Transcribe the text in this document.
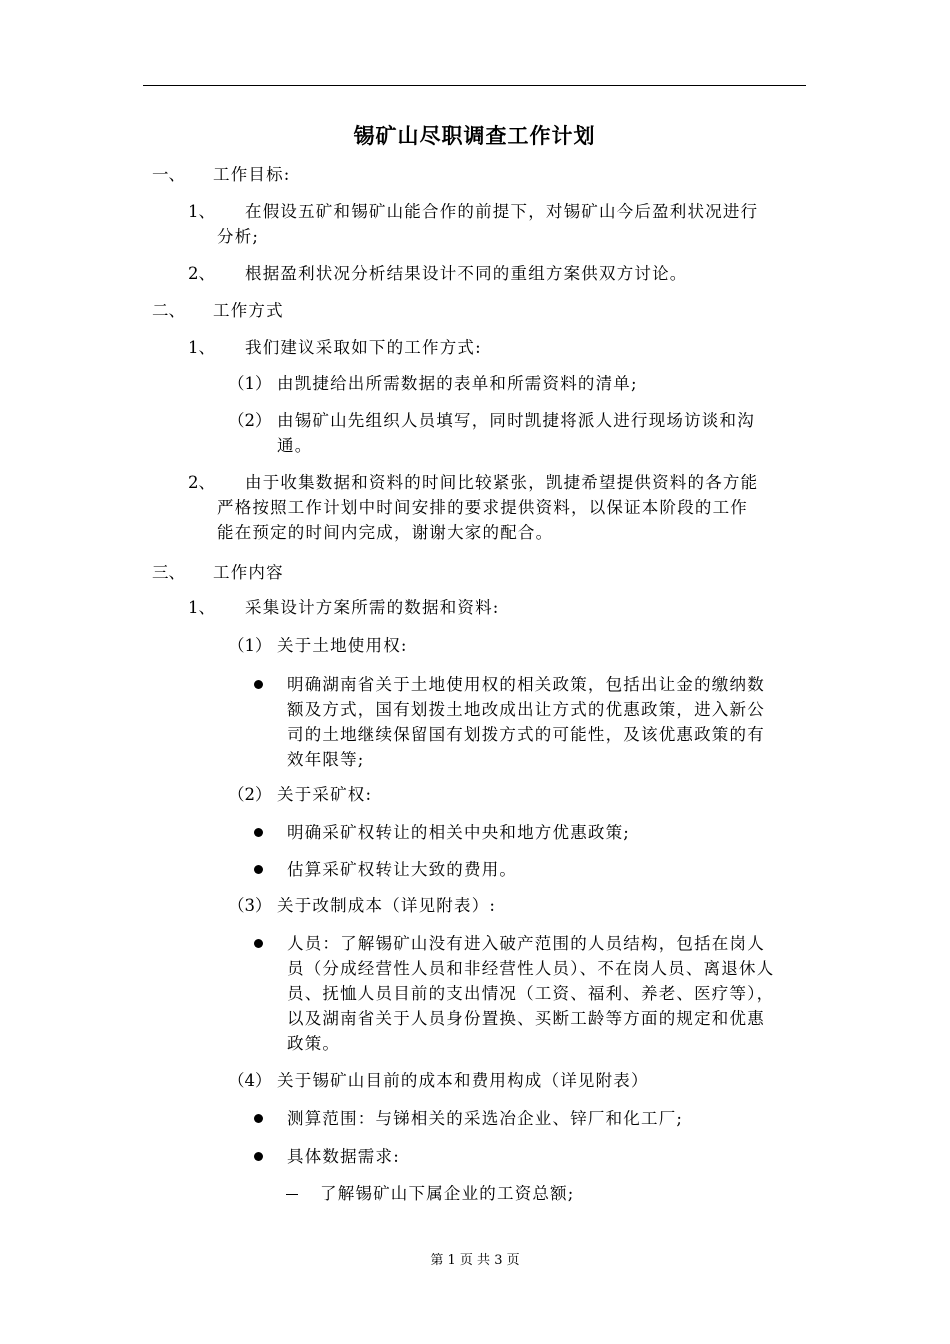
锡矿山尽职调查工作计划
一、 工作目标:
1、 在假设五矿和锡矿山能合作的前提下，对锡矿山今后盈利状况进行
分析;
2、 根据盈利状况分析结果设计不同的重组方案供双方讨论。
二、 工作方式
1、 我们建议采取如下的工作方式:
（1） 由凯捷给出所需数据的表单和所需资料的清单;
（2） 由锡矿山先组织人员填写，同时凯捷将派人进行现场访谈和沟
通。
2、 由于收集数据和资料的时间比较紧张，凯捷希望提供资料的各方能
严格按照工作计划中时间安排的要求提供资料，以保证本阶段的工作
能在预定的时间内完成，谢谢大家的配合。
三、 工作内容
1、 采集设计方案所需的数据和资料:
（1） 关于土地使用权:
明确湖南省关于土地使用权的相关政策，包括出让金的缴纳数
额及方式，国有划拨土地改成出让方式的优惠政策，进入新公
司的土地继续保留国有划拨方式的可能性，及该优惠政策的有
效年限等;
（2） 关于采矿权:
明确采矿权转让的相关中央和地方优惠政策;
估算采矿权转让大致的费用。
（3） 关于改制成本（详见附表）:
人员：了解锡矿山没有进入破产范围的人员结构，包括在岗人
员（分成经营性人员和非经营性人员）、不在岗人员、离退休人
员、抚恤人员目前的支出情况（工资、福利、养老、医疗等），
以及湖南省关于人员身份置换、买断工龄等方面的规定和优惠
政策。
（4） 关于锡矿山目前的成本和费用构成（详见附表）
测算范围：与锑相关的采选冶企业、锌厂和化工厂;
具体数据需求:
了解锡矿山下属企业的工资总额;
第 1 页 共 3 页
